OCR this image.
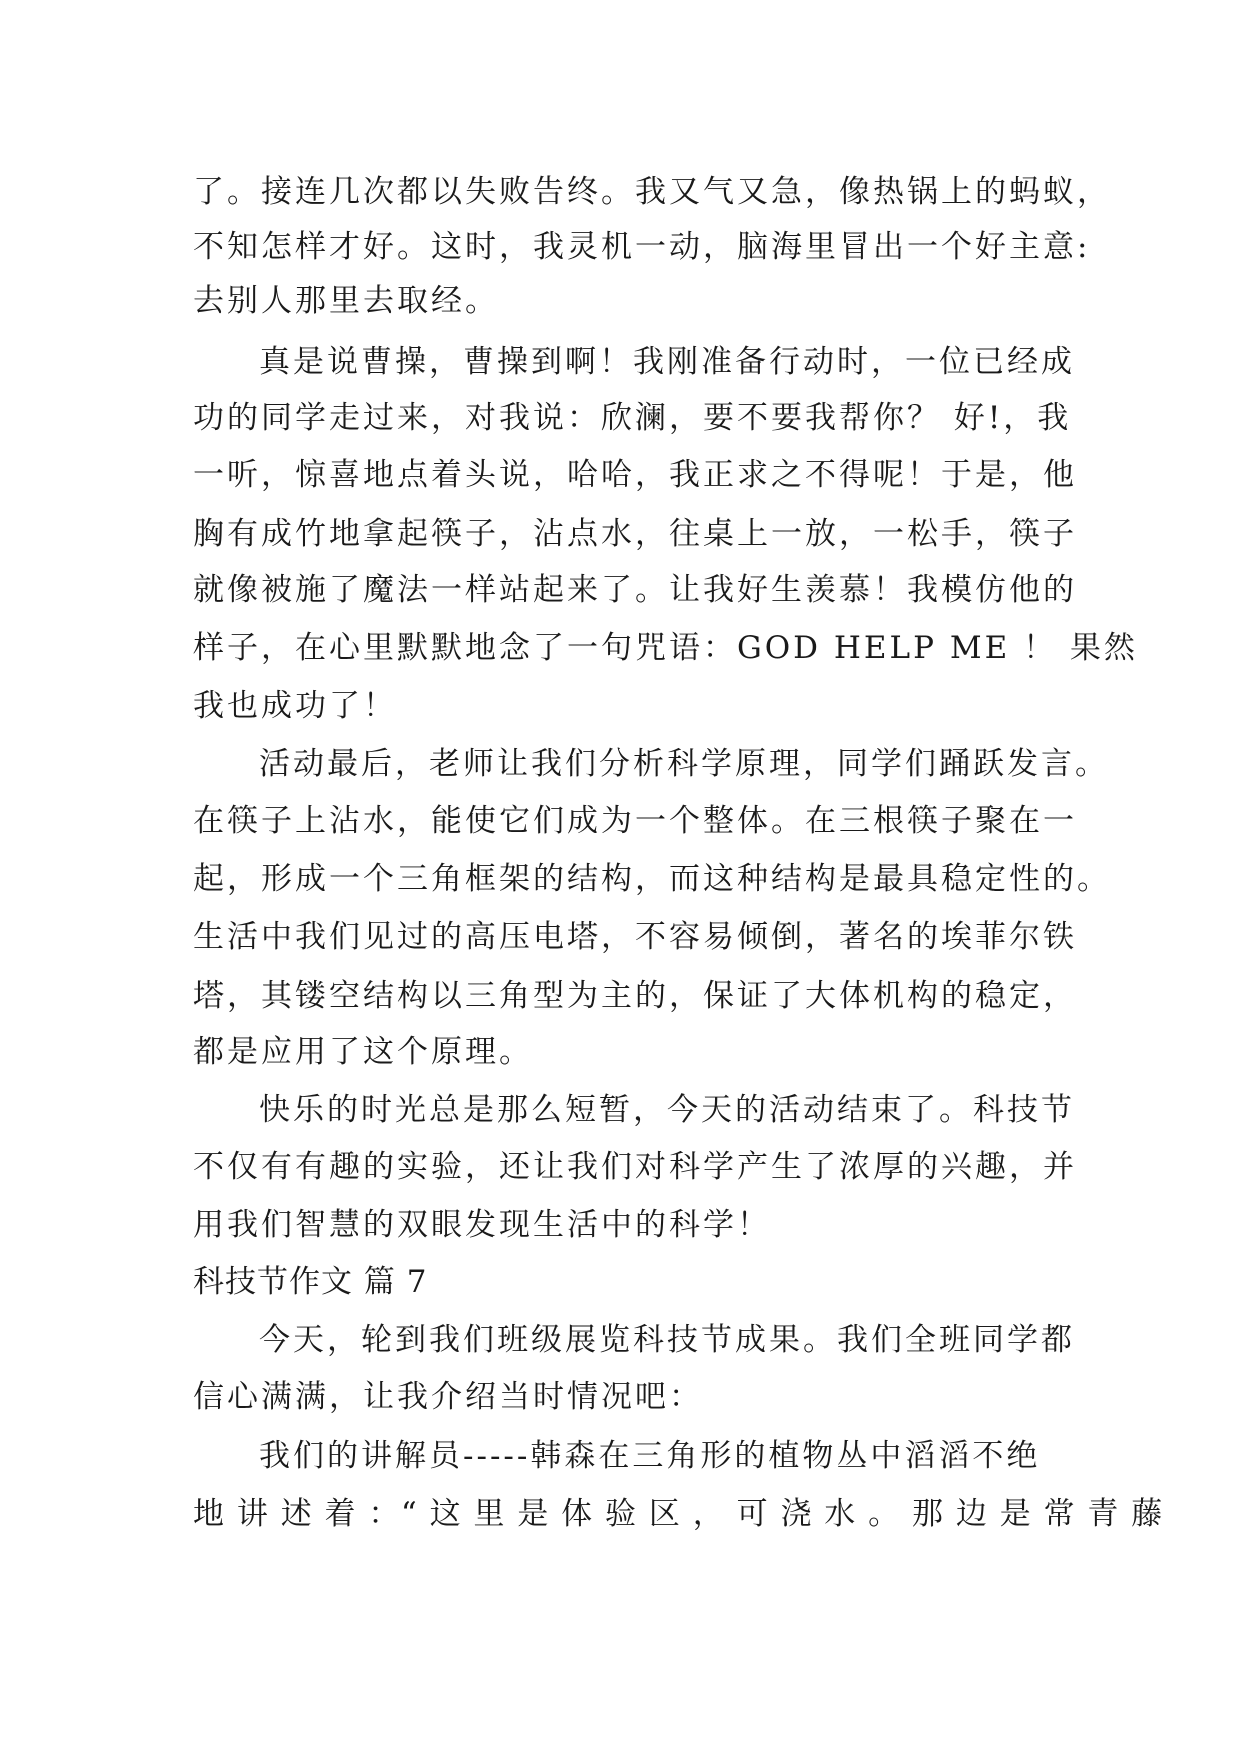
了。接连几次都以失败告终。我又气又急，像热锅上的蚂蚁，
不知怎样才好。这时，我灵机一动，脑海里冒出一个好主意:
去别人那里去取经。
真是说曹操，曹操到啊！我刚准备行动时，一位已经成
功的同学走过来，对我说：欣澜，要不要我帮你？ 好!，我
一听，惊喜地点着头说，哈哈，我正求之不得呢！于是，他
胸有成竹地拿起筷子，沾点水，往桌上一放，一松手，筷子
就像被施了魔法一样站起来了。让我好生羡慕！我模仿他的
样子，在心里默默地念了一句咒语：GOD HELP ME ！ 果然
我也成功了！
活动最后，老师让我们分析科学原理，同学们踊跃发言。
在筷子上沾水，能使它们成为一个整体。在三根筷子聚在一
起，形成一个三角框架的结构，而这种结构是最具稳定性的。
生活中我们见过的高压电塔，不容易倾倒，著名的埃菲尔铁
塔，其镂空结构以三角型为主的，保证了大体机构的稳定，
都是应用了这个原理。
快乐的时光总是那么短暂，今天的活动结束了。科技节
不仅有有趣的实验，还让我们对科学产生了浓厚的兴趣，并
用我们智慧的双眼发现生活中的科学！
科技节作文 篇 7
今天，轮到我们班级展览科技节成果。我们全班同学都
信心满满，让我介绍当时情况吧：
我们的讲解员-----韩森在三角形的植物丛中滔滔不绝
地 讲 述 着 ：“ 这 里 是 体 验 区 ， 可 浇 水 。 那 边 是 常 青 藤
